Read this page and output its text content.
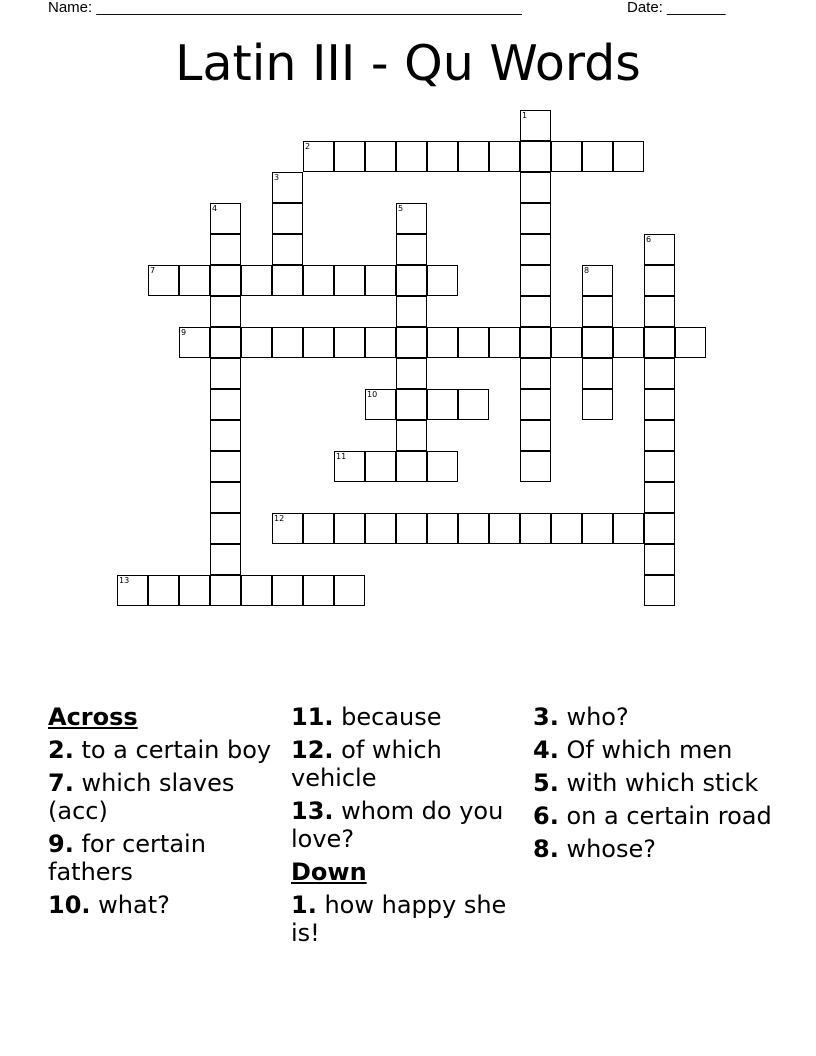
Name: ___________________________________________________	Date: _______
Latin III - Qu Words
1
2
3
4	5
6
7	8
9
10
11
12
13
Across
2. to a certain boy
7. which slaves (acc)
9. for certain fathers
10. what?
11. because
12. of which vehicle
13. whom do you love?
Down
1. how happy she is!
3. who?
4. Of which men
5. with which stick
6. on a certain road
8. whose?
